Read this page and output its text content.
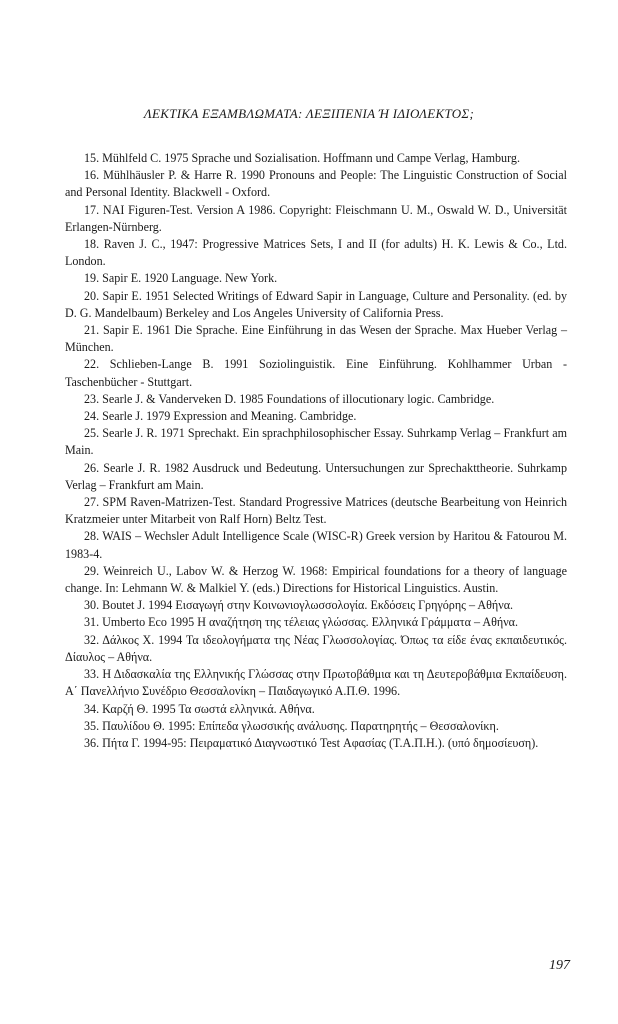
ΛΕΚΤΙΚΑ ΕΞΑΜΒΛΩΜΑΤΑ: ΛΕΞΙΠΕΝΙΑ Ή ΙΔΙΟΛΕΚΤΟΣ;

15. Mühlfeld C. 1975 Sprache und Sozialisation. Hoffmann und Campe Verlag, Hamburg.

16. Mühlhäusler P. & Harre R. 1990 Pronouns and People: The Linguistic Construction of Social and Personal Identity. Blackwell - Oxford.

17. NAI Figuren-Test. Version A 1986. Copyright: Fleischmann U. M., Oswald W. D., Universität Erlangen-Nürnberg.

18. Raven J. C., 1947: Progressive Matrices Sets, I and II (for adults) H. K. Lewis & Co., Ltd. London.

19. Sapir E. 1920 Language. New York.

20. Sapir E. 1951 Selected Writings of Edward Sapir in Language, Culture and Personality. (ed. by D. G. Mandelbaum) Berkeley and Los Angeles University of California Press.

21. Sapir E. 1961 Die Sprache. Eine Einführung in das Wesen der Sprache. Max Hueber Verlag – München.

22. Schlieben-Lange B. 1991 Soziolinguistik. Eine Einführung. Kohlhammer Urban - Taschenbücher - Stuttgart.

23. Searle J. & Vanderveken D. 1985 Foundations of illocutionary logic. Cambridge.

24. Searle J. 1979 Expression and Meaning. Cambridge.

25. Searle J. R. 1971 Sprechakt. Ein sprachphilosophischer Essay. Suhrkamp Verlag – Frankfurt am Main.

26. Searle J. R. 1982 Ausdruck und Bedeutung. Untersuchungen zur Sprechakttheorie. Suhrkamp Verlag – Frankfurt am Main.

27. SPM Raven-Matrizen-Test. Standard Progressive Matrices (deutsche Bearbeitung von Heinrich Kratzmeier unter Mitarbeit von Ralf Horn) Beltz Test.

28. WAIS – Wechsler Adult Intelligence Scale (WISC-R) Greek version by Haritou & Fatourou M. 1983-4.

29. Weinreich U., Labov W. & Herzog W. 1968: Empirical foundations for a theory of language change. In: Lehmann W. & Malkiel Y. (eds.) Directions for Historical Linguistics. Austin.

30. Boutet J. 1994 Εισαγωγή στην Κοινωνιογλωσσολογία. Εκδόσεις Γρηγόρης – Αθήνα.

31. Umberto Eco 1995 Η αναζήτηση της τέλειας γλώσσας. Ελληνικά Γράμματα – Αθήνα.

32. Δάλκος Χ. 1994 Τα ιδεολογήματα της Νέας Γλωσσολογίας. Όπως τα είδε ένας εκπαιδευτικός. Δίαυλος – Αθήνα.

33. Η Διδασκαλία της Ελληνικής Γλώσσας στην Πρωτοβάθμια και τη Δευτεροβάθμια Εκπαίδευση. Α΄ Πανελλήνιο Συνέδριο Θεσσαλονίκη – Παιδαγωγικό Α.Π.Θ. 1996.

34. Καρζή Θ. 1995 Τα σωστά ελληνικά. Αθήνα.

35. Παυλίδου Θ. 1995: Επίπεδα γλωσσικής ανάλυσης. Παρατηρητής – Θεσσαλονίκη.

36. Πήτα Γ. 1994-95: Πειραματικό Διαγνωστικό Test Αφασίας (Τ.Α.Π.Η.). (υπό δημοσίευση).

197
